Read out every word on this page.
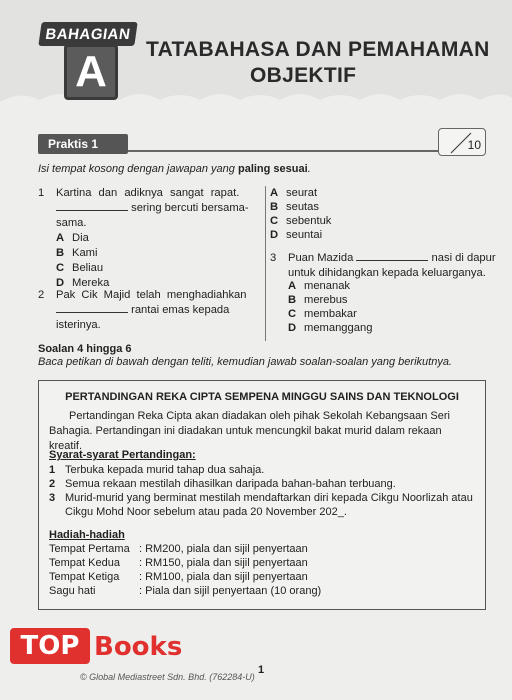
BAHAGIAN
A	TATABAHASA DAN PEMAHAMAN
OBJEKTIF
Praktis 1	10
Isi tempat kosong dengan jawapan yang paling sesuai.
1 Kartina dan adiknya sangat rapat.
sering bercuti bersama-
sama.
A Dia
B Kami
C Beliau
D Mereka
2 Pak Cik Majid telah menghadiahkan
rantai emas kepada
isterinya.
A seurat
B seutas
C sebentuk
D seuntai
3 Puan Mazida	nasi di dapur
untuk dihidangkan kepada keluarganya.
A menanak
B merebus
C membakar
D memanggang
Soalan 4 hingga 6
Baca petikan di bawah dengan teliti, kemudian jawab soalan-soalan yang berikutnya.
PERTANDINGAN REKA CIPTA SEMPENA MINGGU SAINS DAN TEKNOLOGI
Pertandingan Reka Cipta akan diadakan oleh pihak Sekolah Kebangsaan Seri Bahagia. Pertandingan ini diadakan untuk mencungkil bakat murid dalam rekaan kreatif.
Syarat-syarat Pertandingan:
1 Terbuka kepada murid tahap dua sahaja.
2 Semua rekaan mestilah dihasilkan daripada bahan-bahan terbuang.
3 Murid-murid yang berminat mestilah mendaftarkan diri kepada Cikgu Noorlizah atau Cikgu Mohd Noor sebelum atau pada 20 November 202_.
Hadiah-hadiah
Tempat Pertama : RM200, piala dan sijil penyertaan
Tempat Kedua : RM150, piala dan sijil penyertaan
Tempat Ketiga : RM100, piala dan sijil penyertaan
Sagu hati	: Piala dan sijil penyertaan (10 orang)
TOP Books
© Global Mediastreet Sdn. Bhd. (762284-U)
1
